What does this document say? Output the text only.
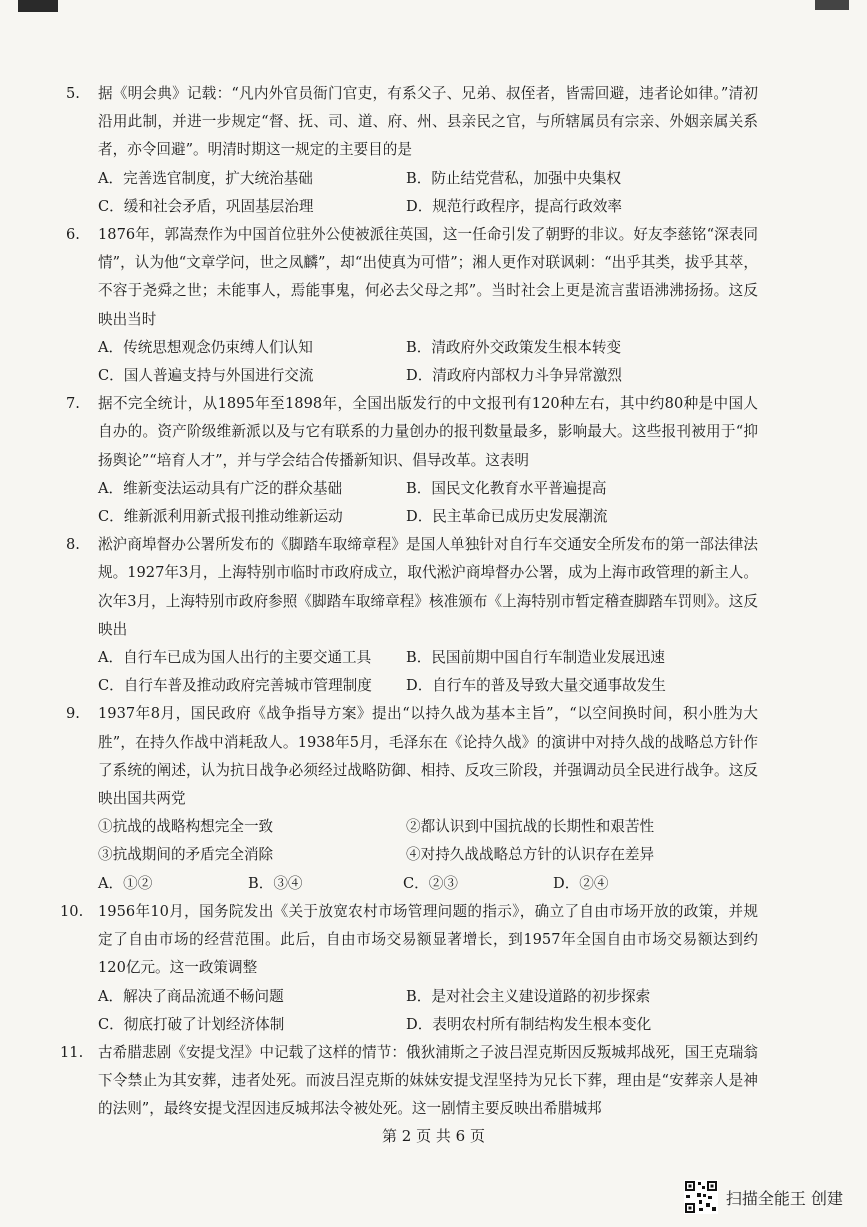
5.	据《明会典》记载：“凡内外官员衙门官吏，有系父子、兄弟、叔侄者，皆需回避，违者论如律。”清初沿用此制，并进一步规定“督、抚、司、道、府、州、县亲民之官，与所辖属员有宗亲、外姻亲属关系者，亦令回避”。明清时期这一规定的主要目的是

A．完善选官制度，扩大统治基础	B．防止结党营私，加强中央集权
C．缓和社会矛盾，巩固基层治理	D．规范行政程序，提高行政效率
6.	1876年，郭嵩焘作为中国首位驻外公使被派往英国，这一任命引发了朝野的非议。好友李慈铭“深表同情”，认为他“文章学问，世之凤麟”，却“出使真为可惜”；湘人更作对联讽刺：“出乎其类，拔乎其萃，不容于尧舜之世；未能事人，焉能事鬼，何必去父母之邦”。当时社会上更是流言蜚语沸沸扬扬。这反映出当时

A．传统思想观念仍束缚人们认知	B．清政府外交政策发生根本转变
C．国人普遍支持与外国进行交流	D．清政府内部权力斗争异常激烈
7.	据不完全统计，从1895年至1898年，全国出版发行的中文报刊有120种左右，其中约80种是中国人自办的。资产阶级维新派以及与它有联系的力量创办的报刊数量最多，影响最大。这些报刊被用于“抑扬舆论”“培育人才”，并与学会结合传播新知识、倡导改革。这表明

A．维新变法运动具有广泛的群众基础	B．国民文化教育水平普遍提高
C．维新派利用新式报刊推动维新运动	D．民主革命已成历史发展潮流
8.	淞沪商埠督办公署所发布的《脚踏车取缔章程》是国人单独针对自行车交通安全所发布的第一部法律法规。1927年3月，上海特别市临时市政府成立，取代淞沪商埠督办公署，成为上海市政管理的新主人。次年3月，上海特别市政府参照《脚踏车取缔章程》核准颁布《上海特别市暂定稽查脚踏车罚则》。这反映出

A．自行车已成为国人出行的主要交通工具	B．民国前期中国自行车制造业发展迅速
C．自行车普及推动政府完善城市管理制度	D．自行车的普及导致大量交通事故发生
9.	1937年8月，国民政府《战争指导方案》提出“以持久战为基本主旨”，“以空间换时间，积小胜为大胜”，在持久作战中消耗敌人。1938年5月，毛泽东在《论持久战》的演讲中对持久战的战略总方针作了系统的阐述，认为抗日战争必须经过战略防御、相持、反攻三阶段，并强调动员全民进行战争。这反映出国共两党

①抗战的战略构想完全一致	②都认识到中国抗战的长期性和艰苦性
③抗战期间的矛盾完全消除	④对持久战战略总方针的认识存在差异
A．①②	B．③④	C．②③	D．②④
10.	1956年10月，国务院发出《关于放宽农村市场管理问题的指示》，确立了自由市场开放的政策，并规定了自由市场的经营范围。此后，自由市场交易额显著增长，到1957年全国自由市场交易额达到约120亿元。这一政策调整

A．解决了商品流通不畅问题	B．是对社会主义建设道路的初步探索
C．彻底打破了计划经济体制	D．表明农村所有制结构发生根本变化
11.	古希腊悲剧《安提戈涅》中记载了这样的情节：俄狄浦斯之子波吕涅克斯因反叛城邦战死，国王克瑞翁下令禁止为其安葬，违者处死。而波吕涅克斯的妹妹安提戈涅坚持为兄长下葬，理由是“安葬亲人是神的法则”，最终安提戈涅因违反城邦法令被处死。这一剧情主要反映出希腊城邦

第 2 页 共 6 页
扫描全能王 创建
